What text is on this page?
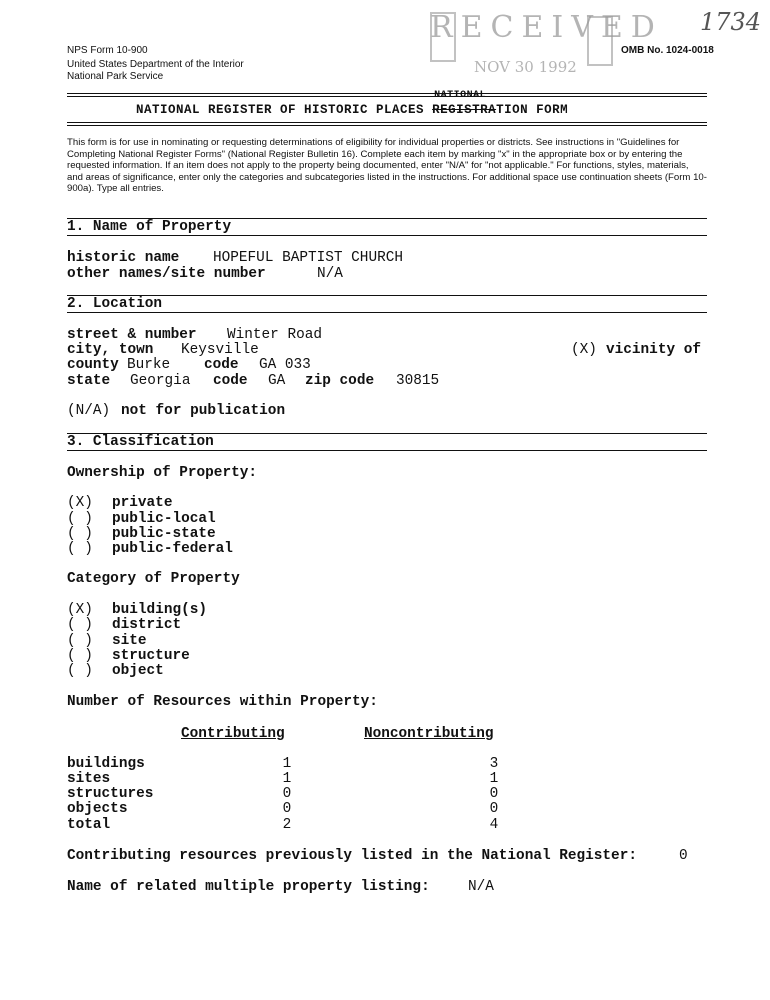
NPS Form 10-900
United States Department of the Interior
National Park Service
OMB No. 1024-0018
RECEIVED
NOV 30 1992
1734
NATIONAL REGISTER OF HISTORIC PLACES REGISTRA
NATIONAL
TION FORM
This form is for use in nominating or requesting determinations of eligibility for individual properties or districts. See instructions in "Guidelines for Completing National Register Forms" (National Register Bulletin 16). Complete each item by marking "x" in the appropriate box or by entering the requested information. If an item does not apply to the property being documented, enter "N/A" for "not applicable." For functions, styles, materials, and areas of significance, enter only the categories and subcategories listed in the instructions. For additional space use continuation sheets (Form 10-900a). Type all entries.
1. Name of Property
historic name HOPEFUL BAPTIST CHURCH
other names/site number	N/A
2. Location
street & number Winter Road
city, town Keysville	(X) vicinity of
county Burke code GA 033
state Georgia code GA zip code 30815
(N/A) not for publication
3. Classification
Ownership of Property:
(X) private
( ) public-local
( ) public-state
( ) public-federal
Category of Property
(X) building(s)
( ) district
( ) site
( ) structure
( ) object
Number of Resources within Property:
Contributing	Noncontributing
buildings	1	3
sites	1	1
structures	0	0
objects	0	0
total	2	4
Contributing resources previously listed in the National Register:	0
Name of related multiple property listing:	N/A
